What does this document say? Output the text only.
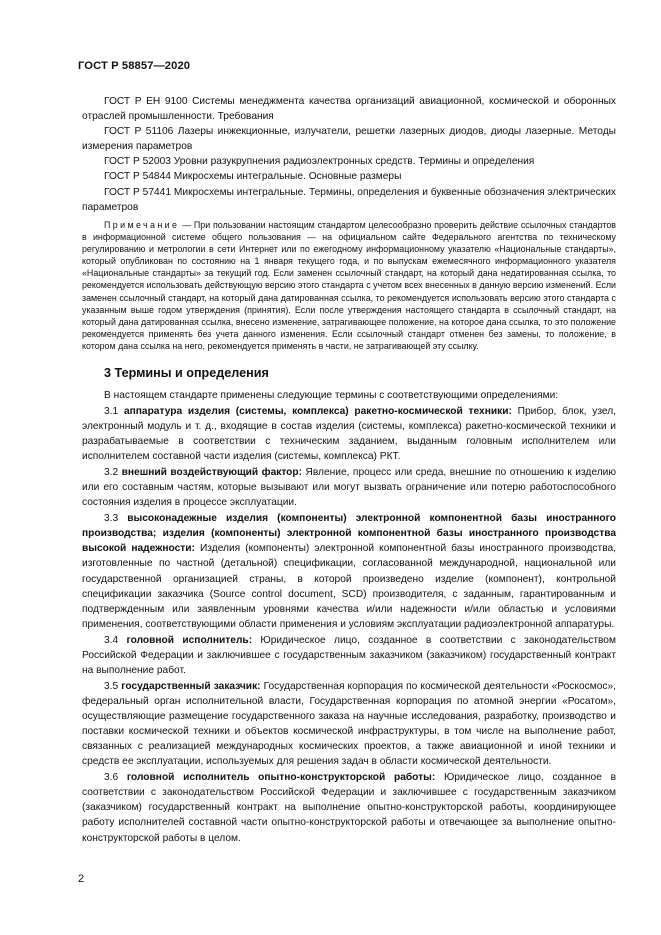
ГОСТ Р 58857—2020

ГОСТ Р ЕН 9100 Системы менеджмента качества организаций авиационной, космической и оборонных отраслей промышленности. Требования

ГОСТ Р 51106 Лазеры инжекционные, излучатели, решетки лазерных диодов, диоды лазерные. Методы измерения параметров

ГОСТ Р 52003 Уровни разукрупнения радиоэлектронных средств. Термины и определения

ГОСТ Р 54844 Микросхемы интегральные. Основные размеры

ГОСТ Р 57441 Микросхемы интегральные. Термины, определения и буквенные обозначения электрических параметров

Примечание — При пользовании настоящим стандартом целесообразно проверить действие ссылочных стандартов в информационной системе общего пользования — на официальном сайте Федерального агентства по техническому регулированию и метрологии в сети Интернет или по ежегодному информационному указателю «Национальные стандарты», который опубликован по состоянию на 1 января текущего года, и по выпускам ежемесячного информационного указателя «Национальные стандарты» за текущий год. Если заменен ссылочный стандарт, на который дана недатированная ссылка, то рекомендуется использовать действующую версию этого стандарта с учетом всех внесенных в данную версию изменений. Если заменен ссылочный стандарт, на который дана датированная ссылка, то рекомендуется использовать версию этого стандарта с указанным выше годом утверждения (принятия). Если после утверждения настоящего стандарта в ссылочный стандарт, на который дана датированная ссылка, внесено изменение, затрагивающее положение, на которое дана ссылка, то это положение рекомендуется применять без учета данного изменения. Если ссылочный стандарт отменен без замены, то положение, в котором дана ссылка на него, рекомендуется применять в части, не затрагивающей эту ссылку.

3 Термины и определения

В настоящем стандарте применены следующие термины с соответствующими определениями:

3.1 аппаратура изделия (системы, комплекса) ракетно-космической техники: Прибор, блок, узел, электронный модуль и т. д., входящие в состав изделия (системы, комплекса) ракетно-космической техники и разрабатываемые в соответствии с техническим заданием, выданным головным исполнителем или исполнителем составной части изделия (системы, комплекса) РКТ.

3.2 внешний воздействующий фактор: Явление, процесс или среда, внешние по отношению к изделию или его составным частям, которые вызывают или могут вызвать ограничение или потерю работоспособного состояния изделия в процессе эксплуатации.

3.3 высоконадежные изделия (компоненты) электронной компонентной базы иностранного производства; изделия (компоненты) электронной компонентной базы иностранного производства высокой надежности: Изделия (компоненты) электронной компонентной базы иностранного производства, изготовленные по частной (детальной) спецификации, согласованной международной, национальной или государственной организацией страны, в которой произведено изделие (компонент), контрольной спецификации заказчика (Source control document, SCD) производителя, с заданным, гарантированным и подтвержденным или заявленным уровнями качества и/или надежности и/или областью и условиями применения, соответствующими области применения и условиям эксплуатации радиоэлектронной аппаратуры.

3.4 головной исполнитель: Юридическое лицо, созданное в соответствии с законодательством Российской Федерации и заключившее с государственным заказчиком (заказчиком) государственный контракт на выполнение работ.

3.5 государственный заказчик: Государственная корпорация по космической деятельности «Роскосмос», федеральный орган исполнительной власти, Государственная корпорация по атомной энергии «Росатом», осуществляющие размещение государственного заказа на научные исследования, разработку, производство и поставки космической техники и объектов космической инфраструктуры, в том числе на выполнение работ, связанных с реализацией международных космических проектов, а также авиационной и иной техники и средств ее эксплуатации, используемых для решения задач в области космической деятельности.

3.6 головной исполнитель опытно-конструкторской работы: Юридическое лицо, созданное в соответствии с законодательством Российской Федерации и заключившее с государственным заказчиком (заказчиком) государственный контракт на выполнение опытно-конструкторской работы, координирующее работу исполнителей составной части опытно-конструкторской работы и отвечающее за выполнение опытно-конструкторской работы в целом.

2
